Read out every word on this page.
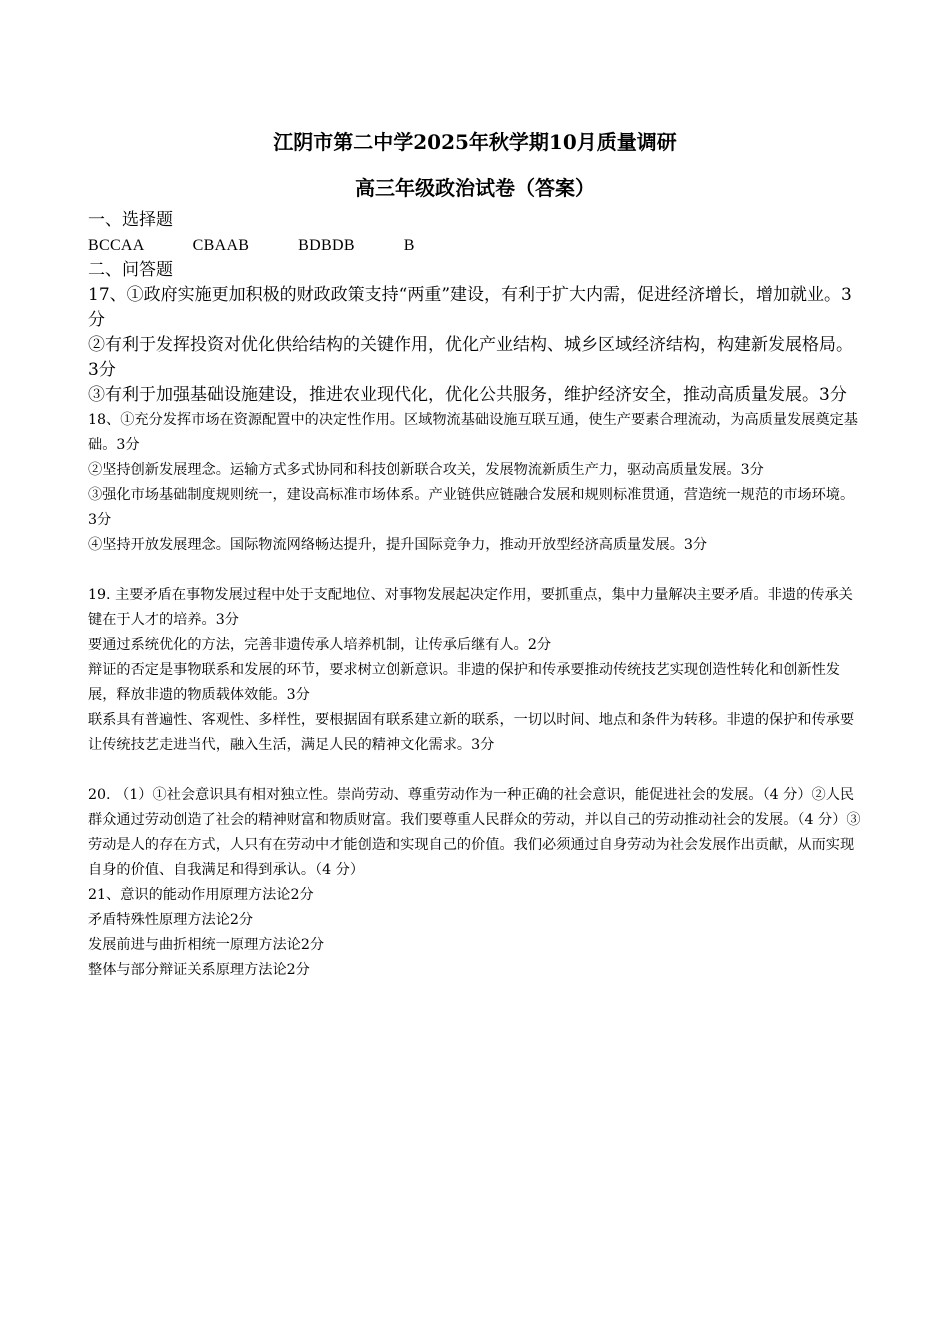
江阴市第二中学2025年秋学期10月质量调研

高三年级政治试卷（答案）

一、选择题

BCCAA   CBAAB   BDBDB   B

二、问答题

17、①政府实施更加积极的财政政策支持“两重”建设，有利于扩大内需，促进经济增长，增加就业。3分

②有利于发挥投资对优化供给结构的关键作用，优化产业结构、城乡区域经济结构，构建新发展格局。3分

③有利于加强基础设施建设，推进农业现代化，优化公共服务，维护经济安全，推动高质量发展。3分

18、①充分发挥市场在资源配置中的决定性作用。区域物流基础设施互联互通，使生产要素合理流动，为高质量发展奠定基础。3分

②坚持创新发展理念。运输方式多式协同和科技创新联合攻关，发展物流新质生产力，驱动高质量发展。3分

③强化市场基础制度规则统一，建设高标准市场体系。产业链供应链融合发展和规则标准贯通，营造统一规范的市场环境。3分

④坚持开放发展理念。国际物流网络畅达提升，提升国际竞争力，推动开放型经济高质量发展。3分

19. 主要矛盾在事物发展过程中处于支配地位、对事物发展起决定作用，要抓重点，集中力量解决主要矛盾。非遗的传承关键在于人才的培养。3分

要通过系统优化的方法，完善非遗传承人培养机制，让传承后继有人。2分

辩证的否定是事物联系和发展的环节，要求树立创新意识。非遗的保护和传承要推动传统技艺实现创造性转化和创新性发展，释放非遗的物质载体效能。3分

联系具有普遍性、客观性、多样性，要根据固有联系建立新的联系，一切以时间、地点和条件为转移。非遗的保护和传承要让传统技艺走进当代，融入生活，满足人民的精神文化需求。3分

20. （1）①社会意识具有相对独立性。崇尚劳动、尊重劳动作为一种正确的社会意识，能促进社会的发展。（4 分）②人民群众通过劳动创造了社会的精神财富和物质财富。我们要尊重人民群众的劳动，并以自己的劳动推动社会的发展。（4 分）③劳动是人的存在方式，人只有在劳动中才能创造和实现自己的价值。我们必须通过自身劳动为社会发展作出贡献，从而实现自身的价值、自我满足和得到承认。（4 分）

21、意识的能动作用原理方法论2分

矛盾特殊性原理方法论2分

发展前进与曲折相统一原理方法论2分

整体与部分辩证关系原理方法论2分
